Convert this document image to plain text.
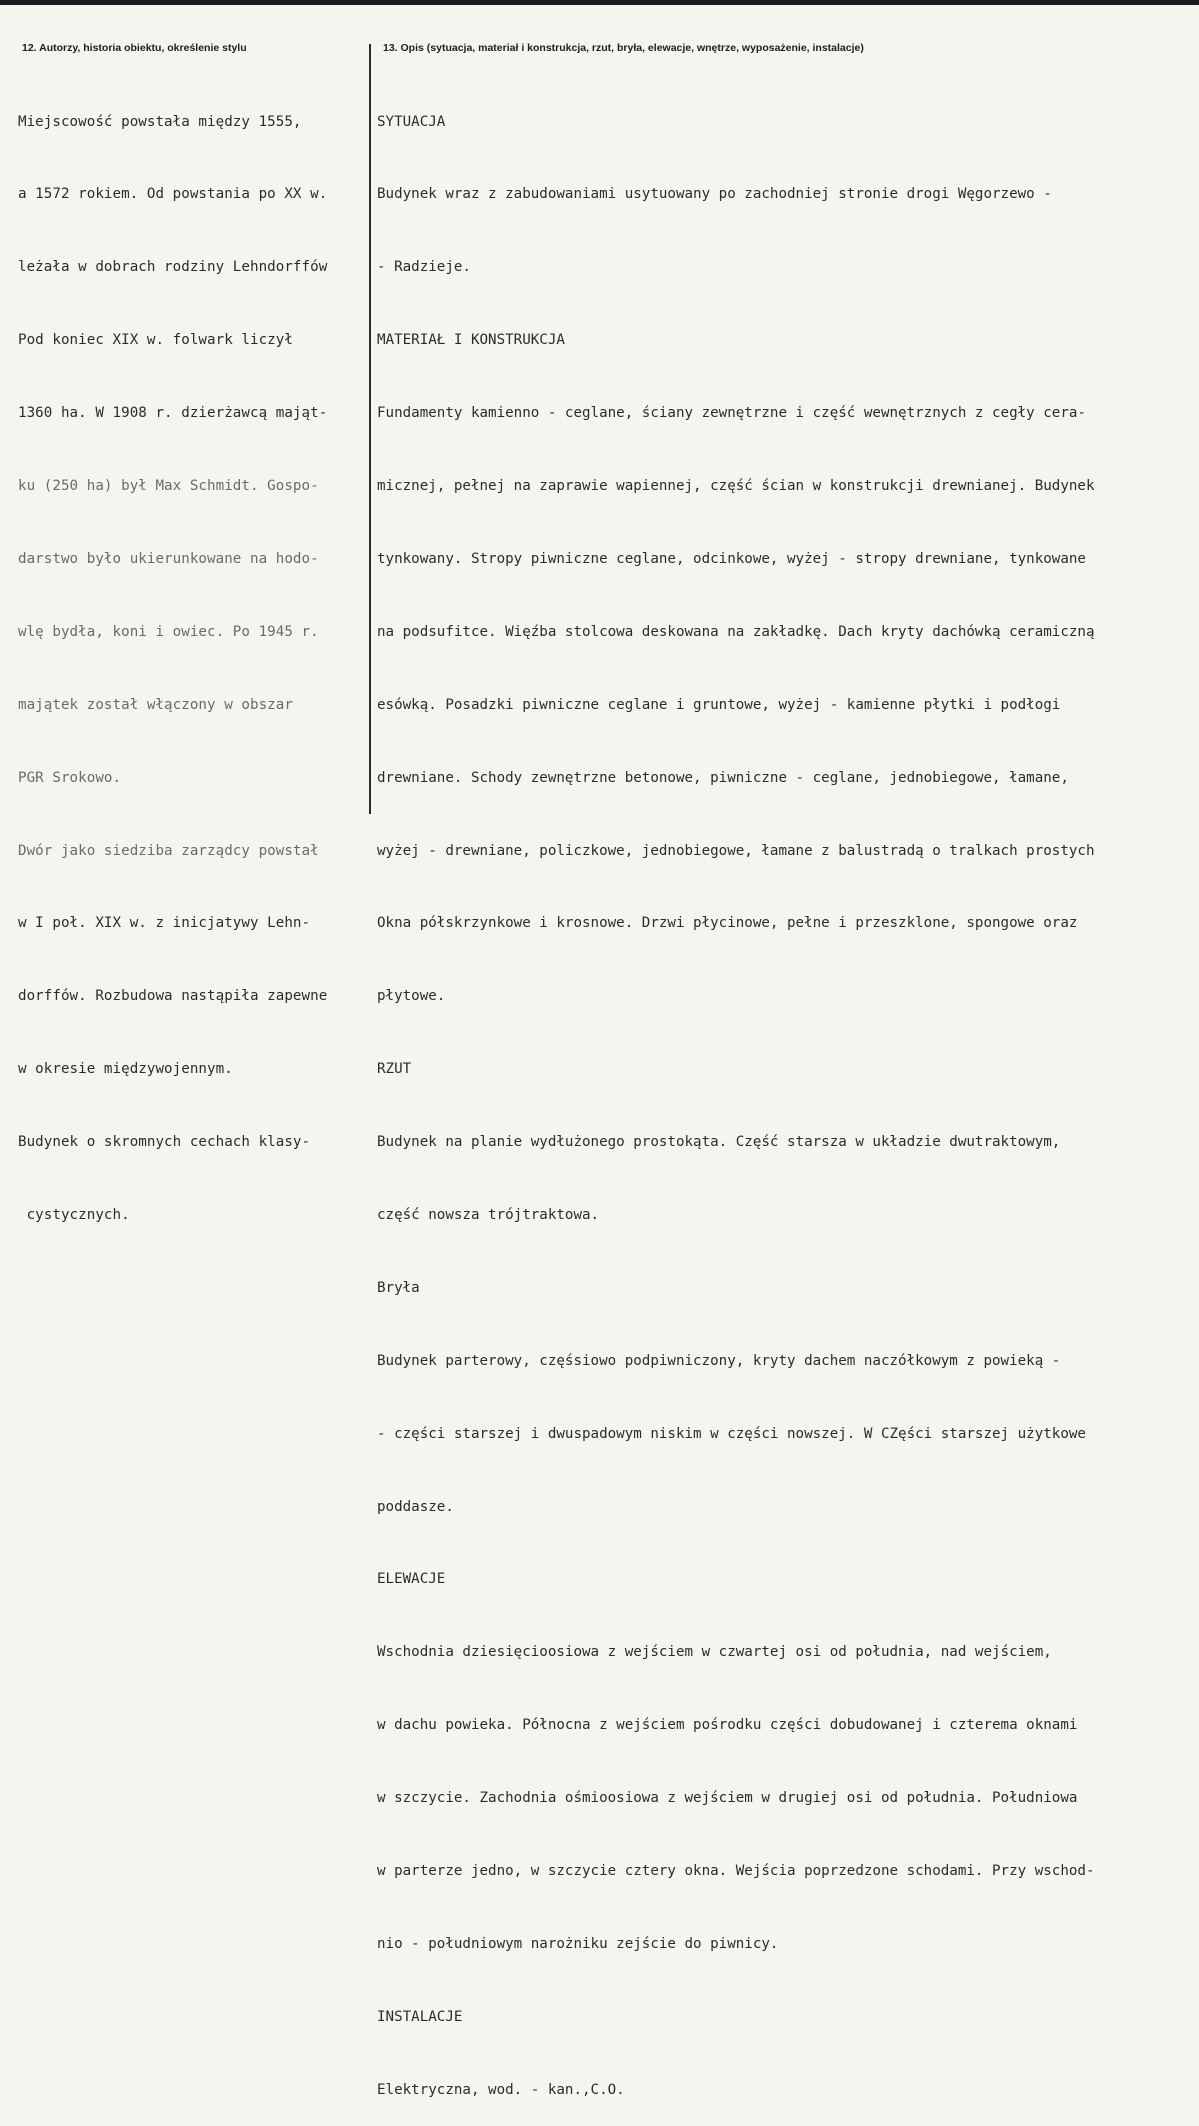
12. Autorzy, historia obiektu, określenie stylu	13. Opis (sytuacja, materiał i konstrukcja, rzut, bryła, elewacje, wnętrze, wyposażenie, instalacje)

Miejscowość powstała między 1555,

a 1572 rokiem. Od powstania po XX w.

leżała w dobrach rodziny Lehndorffów

Pod koniec XIX w. folwark liczył

1360 ha. W 1908 r. dzierżawcą mająt-

ku (250 ha) był Max Schmidt. Gospo-

darstwo było ukierunkowane na hodo-

wlę bydła, koni i owiec. Po 1945 r.

majątek został włączony w obszar

PGR Srokowo.

Dwór jako siedziba zarządcy powstał

w I poł. XIX w. z inicjatywy Lehn-

dorffów. Rozbudowa nastąpiła zapewne

w okresie międzywojennym.

Budynek o skromnych cechach klasy-

cystycznych.

SYTUACJA

Budynek wraz z zabudowaniami usytuowany po zachodniej stronie drogi Węgorzewo -

- Radzieje.

MATERIAŁ I KONSTRUKCJA

Fundamenty kamienno - ceglane, ściany zewnętrzne i część wewnętrznych z cegły cera-

micznej, pełnej na zaprawie wapiennej, część ścian w konstrukcji drewnianej. Budynek

tynkowany. Stropy piwniczne ceglane, odcinkowe, wyżej - stropy drewniane, tynkowane

na podsufitce. Więźba stolcowa deskowana na zakładkę. Dach kryty dachówką ceramiczną

esówką. Posadzki piwniczne ceglane i gruntowe, wyżej - kamienne płytki i podłogi

drewniane. Schody zewnętrzne betonowe, piwniczne - ceglane, jednobiegowe, łamane,

wyżej - drewniane, policzkowe, jednobiegowe, łamane z balustradą o tralkach prostych

Okna półskrzynkowe i krosnowe. Drzwi płycinowe, pełne i przeszklone, spongowe oraz

płytowe.

RZUT

Budynek na planie wydłużonego prostokąta. Część starsza w układzie dwutraktowym,

część nowsza trójtraktowa.

Bryła

Budynek parterowy, częśsiowo podpiwniczony, kryty dachem naczółkowym z powieką -

- części starszej i dwuspadowym niskim w części nowszej. W CZęści starszej użytkowe

poddasze.

ELEWACJE

Wschodnia dziesięcioosiowa z wejściem w czwartej osi od południa, nad wejściem,

w dachu powieka. Północna z wejściem pośrodku części dobudowanej i czterema oknami

w szczycie. Zachodnia ośmioosiowa z wejściem w drugiej osi od południa. Południowa

w parterze jedno, w szczycie cztery okna. Wejścia poprzedzone schodami. Przy wschod-

nio - południowym narożniku zejście do piwnicy.

INSTALACJE

Elektryczna, wod. - kan.,C.O.
